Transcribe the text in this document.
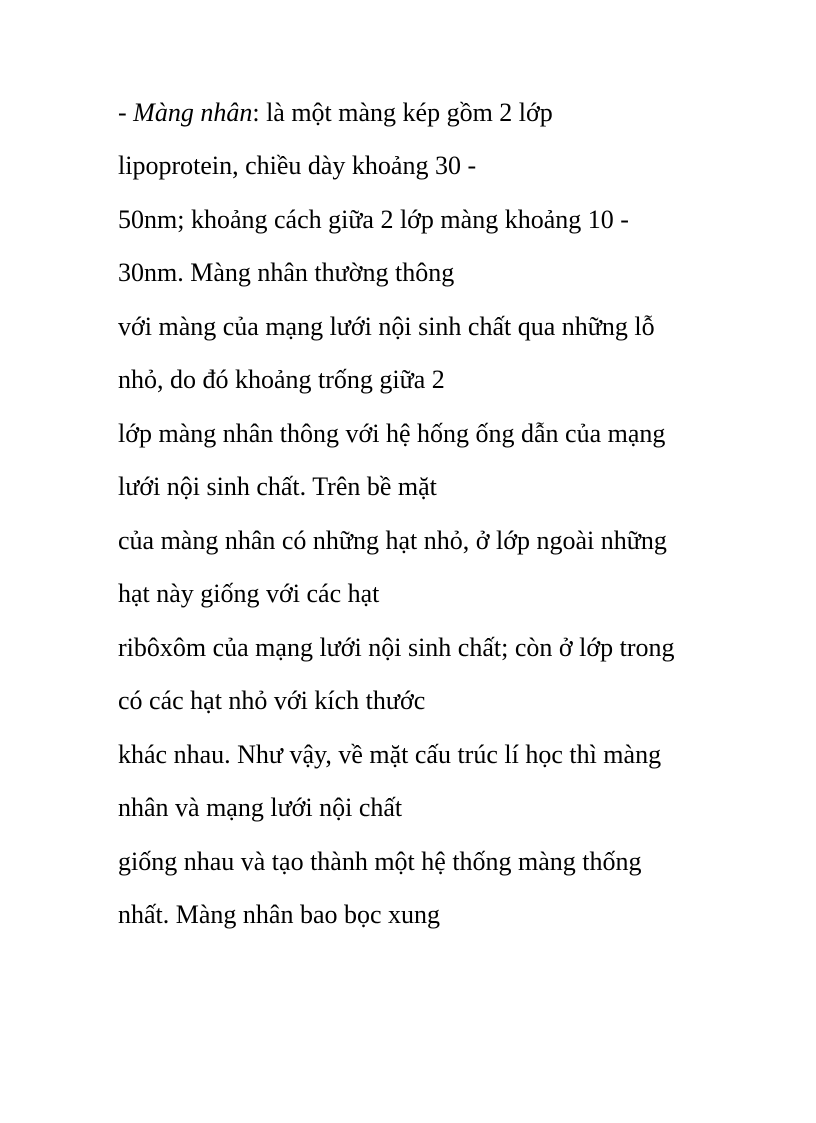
- Màng nhân: là một màng kép gồm 2 lớp

lipoprotein, chiều dày khoảng 30 -

50nm; khoảng cách giữa 2 lớp màng khoảng 10 -

30nm. Màng nhân thường thông

với màng của mạng lưới nội sinh chất qua những lỗ

nhỏ, do đó khoảng trống giữa 2

lớp màng nhân thông với hệ hống ống dẫn của mạng

lưới nội sinh chất. Trên bề mặt

của màng nhân có những hạt nhỏ, ở lớp ngoài những

hạt này giống với các hạt

ribôxôm của mạng lưới nội sinh chất; còn ở lớp trong

có các hạt nhỏ với kích thước

khác nhau. Như vậy, về mặt cấu trúc lí học thì màng

nhân và mạng lưới nội chất

giống nhau và tạo thành một hệ thống màng thống

nhất. Màng nhân bao bọc xung
